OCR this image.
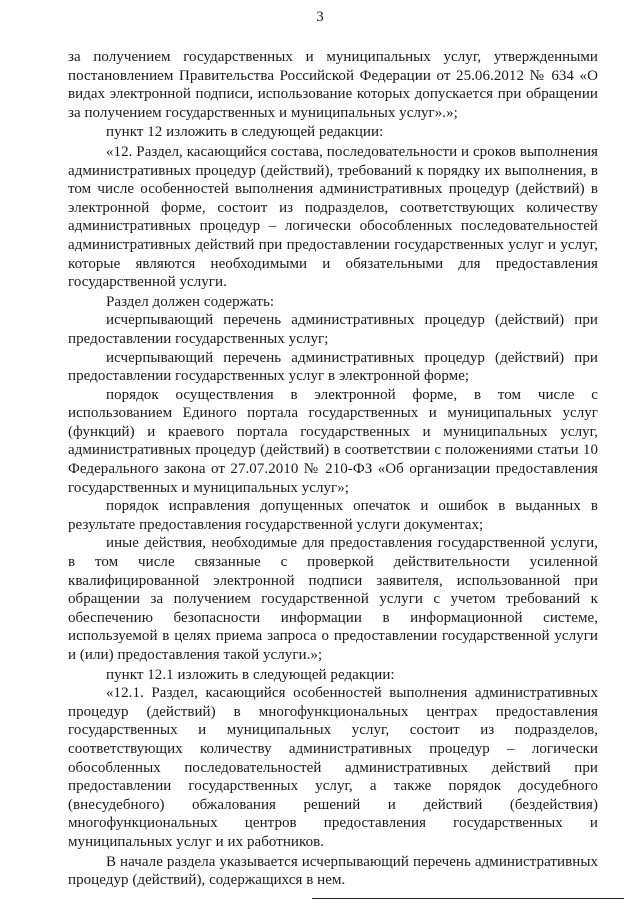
3

за получением государственных и муниципальных услуг, утвержденными постановлением Правительства Российской Федерации от 25.06.2012 № 634 «О видах электронной подписи, использование которых допускается при обращении за получением государственных и муниципальных услуг».»;

пункт 12 изложить в следующей редакции:

«12. Раздел, касающийся состава, последовательности и сроков выполнения административных процедур (действий), требований к порядку их выполнения, в том числе особенностей выполнения административных процедур (действий) в электронной форме, состоит из подразделов, соответствующих количеству административных процедур – логически обособленных последовательностей административных действий при предоставлении государственных услуг и услуг, которые являются необходимыми и обязательными для предоставления государственной услуги.

Раздел должен содержать:

исчерпывающий перечень административных процедур (действий) при предоставлении государственных услуг;

исчерпывающий перечень административных процедур (действий) при предоставлении государственных услуг в электронной форме;

порядок осуществления в электронной форме, в том числе с использованием Единого портала государственных и муниципальных услуг (функций) и краевого портала государственных и муниципальных услуг, административных процедур (действий) в соответствии с положениями статьи 10 Федерального закона от 27.07.2010 № 210-ФЗ «Об организации предоставления государственных и муниципальных услуг»;

порядок исправления допущенных опечаток и ошибок в выданных в результате предоставления государственной услуги документах;

иные действия, необходимые для предоставления государственной услуги, в том числе связанные с проверкой действительности усиленной квалифицированной электронной подписи заявителя, использованной при обращении за получением государственной услуги с учетом требований к обеспечению безопасности информации в информационной системе, используемой в целях приема запроса о предоставлении государственной услуги и (или) предоставления такой услуги.»;

пункт 12.1 изложить в следующей редакции:

«12.1. Раздел, касающийся особенностей выполнения административных процедур (действий) в многофункциональных центрах предоставления государственных и муниципальных услуг, состоит из подразделов, соответствующих количеству административных процедур – логически обособленных последовательностей административных действий при предоставлении государственных услуг, а также порядок досудебного (внесудебного) обжалования решений и действий (бездействия) многофункциональных центров предоставления государственных и муниципальных услуг и их работников.

В начале раздела указывается исчерпывающий перечень административных процедур (действий), содержащихся в нем.
